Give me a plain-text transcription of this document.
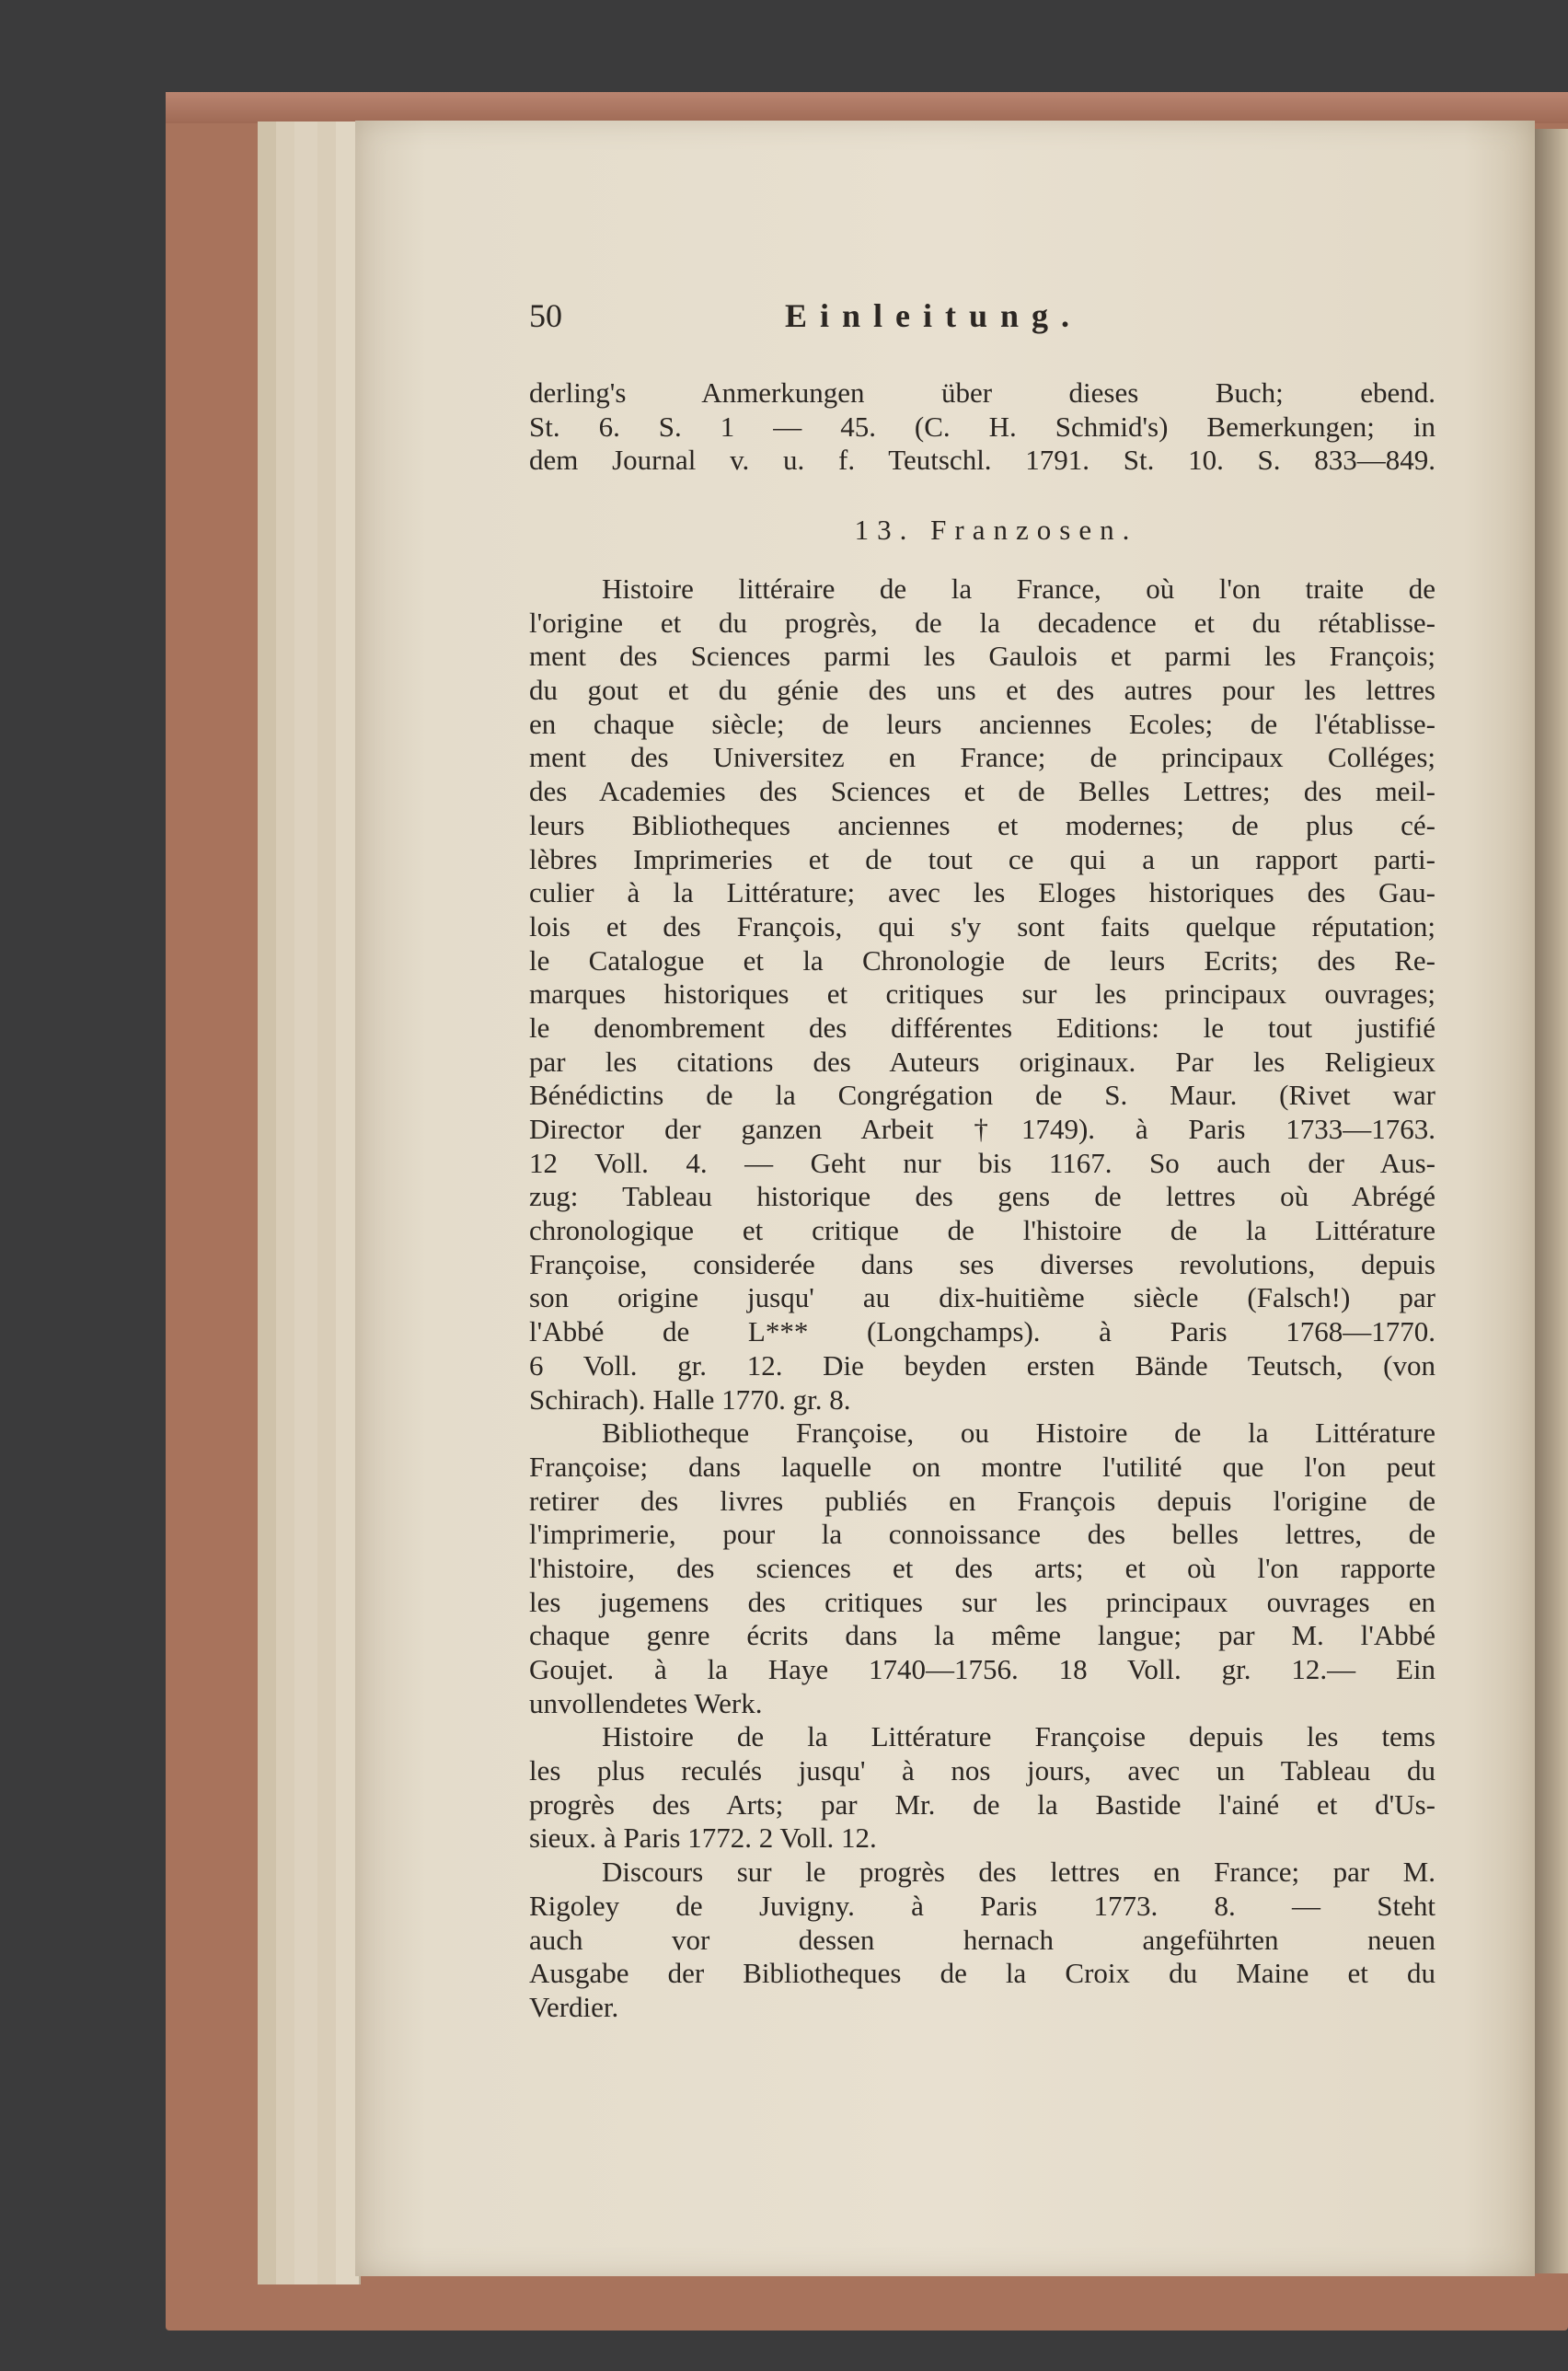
50	Einleitung.
derling's Anmerkungen über dieses Buch; ebend.
St. 6. S. 1 — 45. (C. H. Schmid's) Bemerkungen; in
dem Journal v. u. f. Teutschl. 1791. St. 10. S. 833—849.
13. Franzosen.
Histoire littéraire de la France, où l'on traite de
l'origine et du progrès, de la decadence et du rétablisse-
ment des Sciences parmi les Gaulois et parmi les François;
du gout et du génie des uns et des autres pour les lettres
en chaque siècle; de leurs anciennes Ecoles; de l'établisse-
ment des Universitez en France; de principaux Colléges;
des Academies des Sciences et de Belles Lettres; des meil-
leurs Bibliotheques anciennes et modernes; de plus cé-
lèbres Imprimeries et de tout ce qui a un rapport parti-
culier à la Littérature; avec les Eloges historiques des Gau-
lois et des François, qui s'y sont faits quelque réputation;
le Catalogue et la Chronologie de leurs Ecrits; des Re-
marques historiques et critiques sur les principaux ouvrages;
le denombrement des différentes Editions: le tout justifié
par les citations des Auteurs originaux. Par les Religieux
Bénédictins de la Congrégation de S. Maur. (Rivet war
Director der ganzen Arbeit †1749). à Paris 1733—1763.
12 Voll. 4. — Geht nur bis 1167. So auch der Aus-
zug: Tableau historique des gens de lettres où Abrégé
chronologique et critique de l'histoire de la Littérature
Françoise, considerée dans ses diverses revolutions, depuis
son origine jusqu' au dix-huitième siècle (Falsch!) par
l'Abbé de L*** (Longchamps). à Paris 1768—1770.
6 Voll. gr. 12. Die beyden ersten Bände Teutsch, (von
Schirach). Halle 1770. gr. 8.
Bibliotheque Françoise, ou Histoire de la Littérature
Françoise; dans laquelle on montre l'utilité que l'on peut
retirer des livres publiés en François depuis l'origine de
l'imprimerie, pour la connoissance des belles lettres, de
l'histoire, des sciences et des arts; et où l'on rapporte
les jugemens des critiques sur les principaux ouvrages en
chaque genre écrits dans la même langue; par M. l'Abbé
Goujet. à la Haye 1740—1756. 18 Voll. gr. 12.— Ein
unvollendetes Werk.
Histoire de la Littérature Françoise depuis les tems
les plus reculés jusqu' à nos jours, avec un Tableau du
progrès des Arts; par Mr. de la Bastide l'ainé et d'Us-
sieux. à Paris 1772. 2 Voll. 12.
Discours sur le progrès des lettres en France; par M.
Rigoley de Juvigny. à Paris 1773. 8. — Steht
auch vor dessen hernach angeführten neuen
Ausgabe der Bibliotheques de la Croix du Maine et du
Verdier.
